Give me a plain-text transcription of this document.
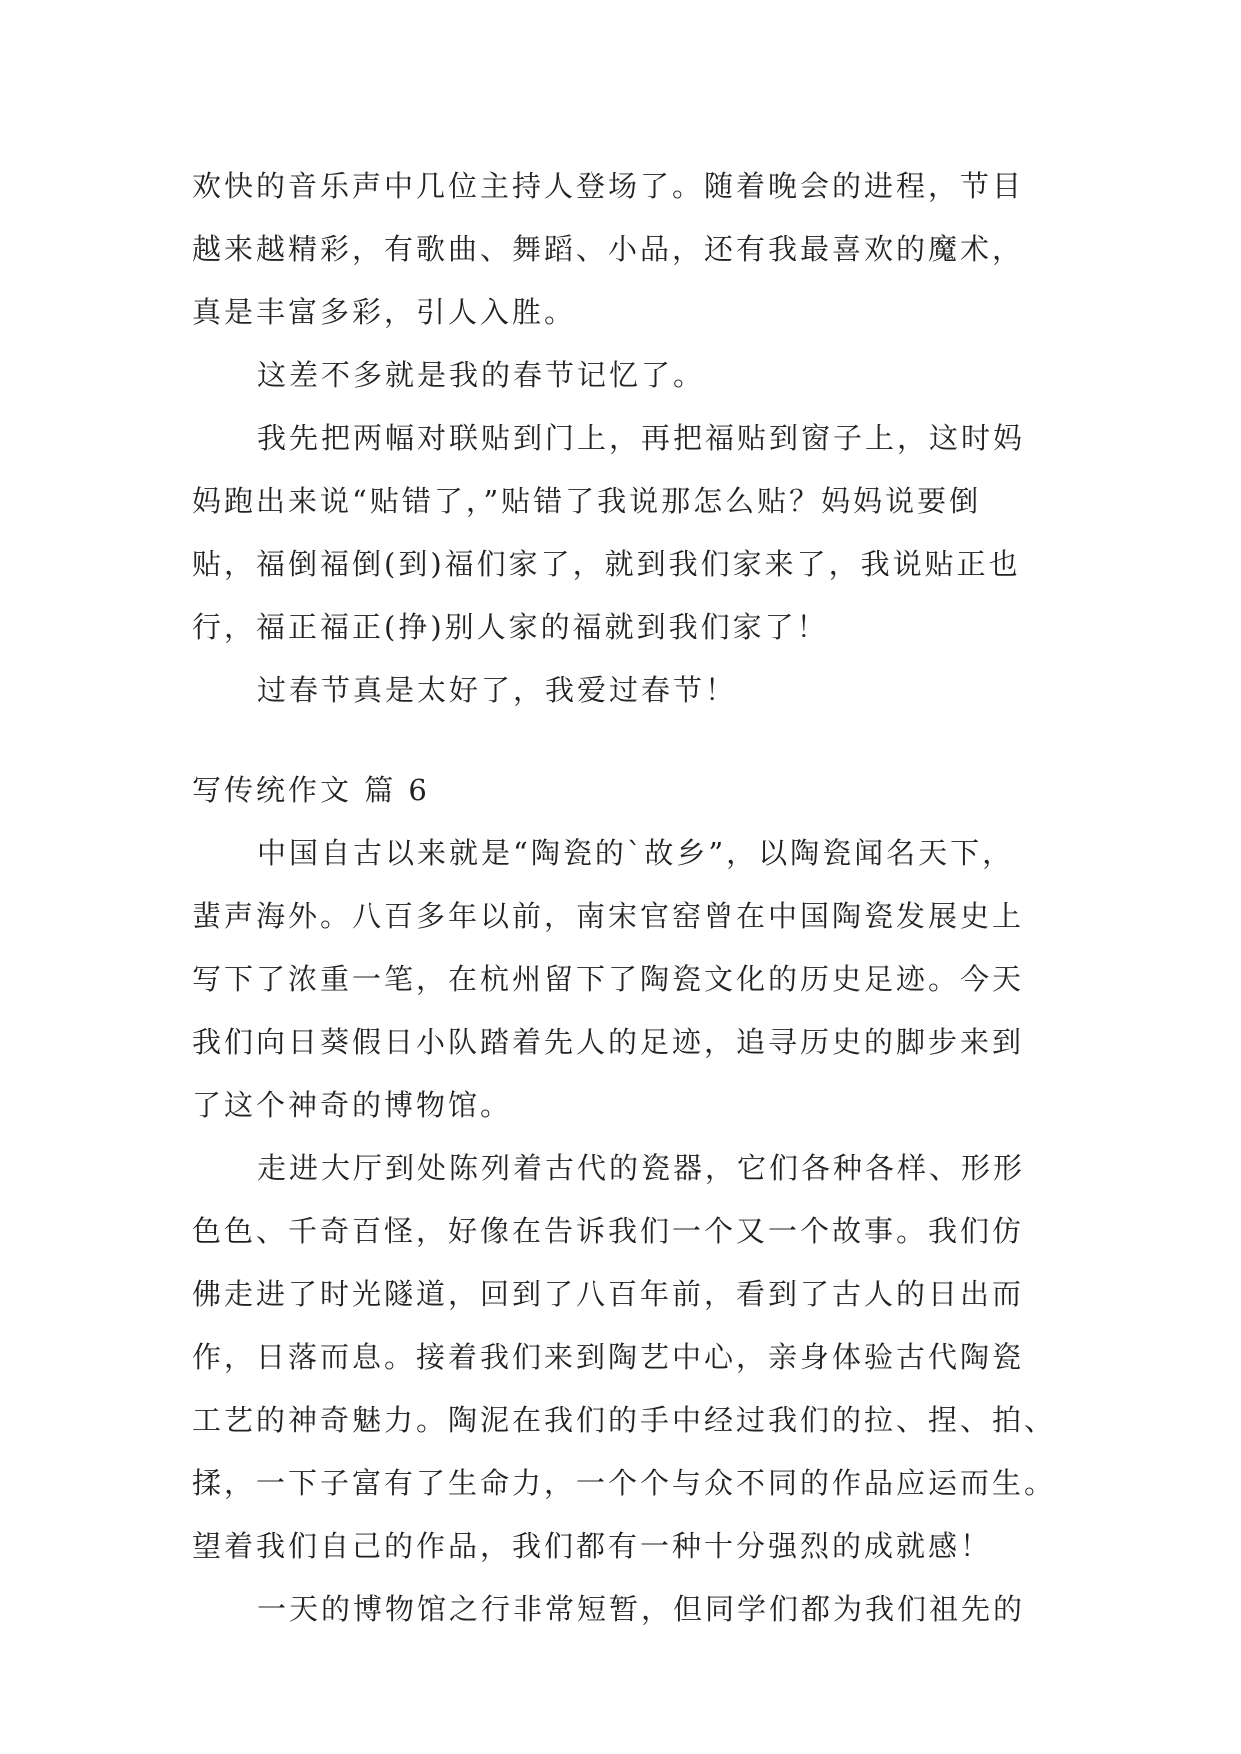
欢快的音乐声中几位主持人登场了。随着晚会的进程，节目
越来越精彩，有歌曲、舞蹈、小品，还有我最喜欢的魔术，
真是丰富多彩，引人入胜。
这差不多就是我的春节记忆了。
我先把两幅对联贴到门上，再把福贴到窗子上，这时妈
妈跑出来说“贴错了，”贴错了我说那怎么贴？妈妈说要倒
贴，福倒福倒(到)福们家了，就到我们家来了，我说贴正也
行，福正福正(挣)别人家的福就到我们家了！
过春节真是太好了，我爱过春节！
写传统作文 篇 6
中国自古以来就是“陶瓷的`故乡”，以陶瓷闻名天下，
蜚声海外。八百多年以前，南宋官窑曾在中国陶瓷发展史上
写下了浓重一笔，在杭州留下了陶瓷文化的历史足迹。今天
我们向日葵假日小队踏着先人的足迹，追寻历史的脚步来到
了这个神奇的博物馆。
走进大厅到处陈列着古代的瓷器，它们各种各样、形形
色色、千奇百怪，好像在告诉我们一个又一个故事。我们仿
佛走进了时光隧道，回到了八百年前，看到了古人的日出而
作，日落而息。接着我们来到陶艺中心，亲身体验古代陶瓷
工艺的神奇魅力。陶泥在我们的手中经过我们的拉、捏、拍、
揉，一下子富有了生命力，一个个与众不同的作品应运而生。
望着我们自己的作品，我们都有一种十分强烈的成就感！
一天的博物馆之行非常短暂，但同学们都为我们祖先的
